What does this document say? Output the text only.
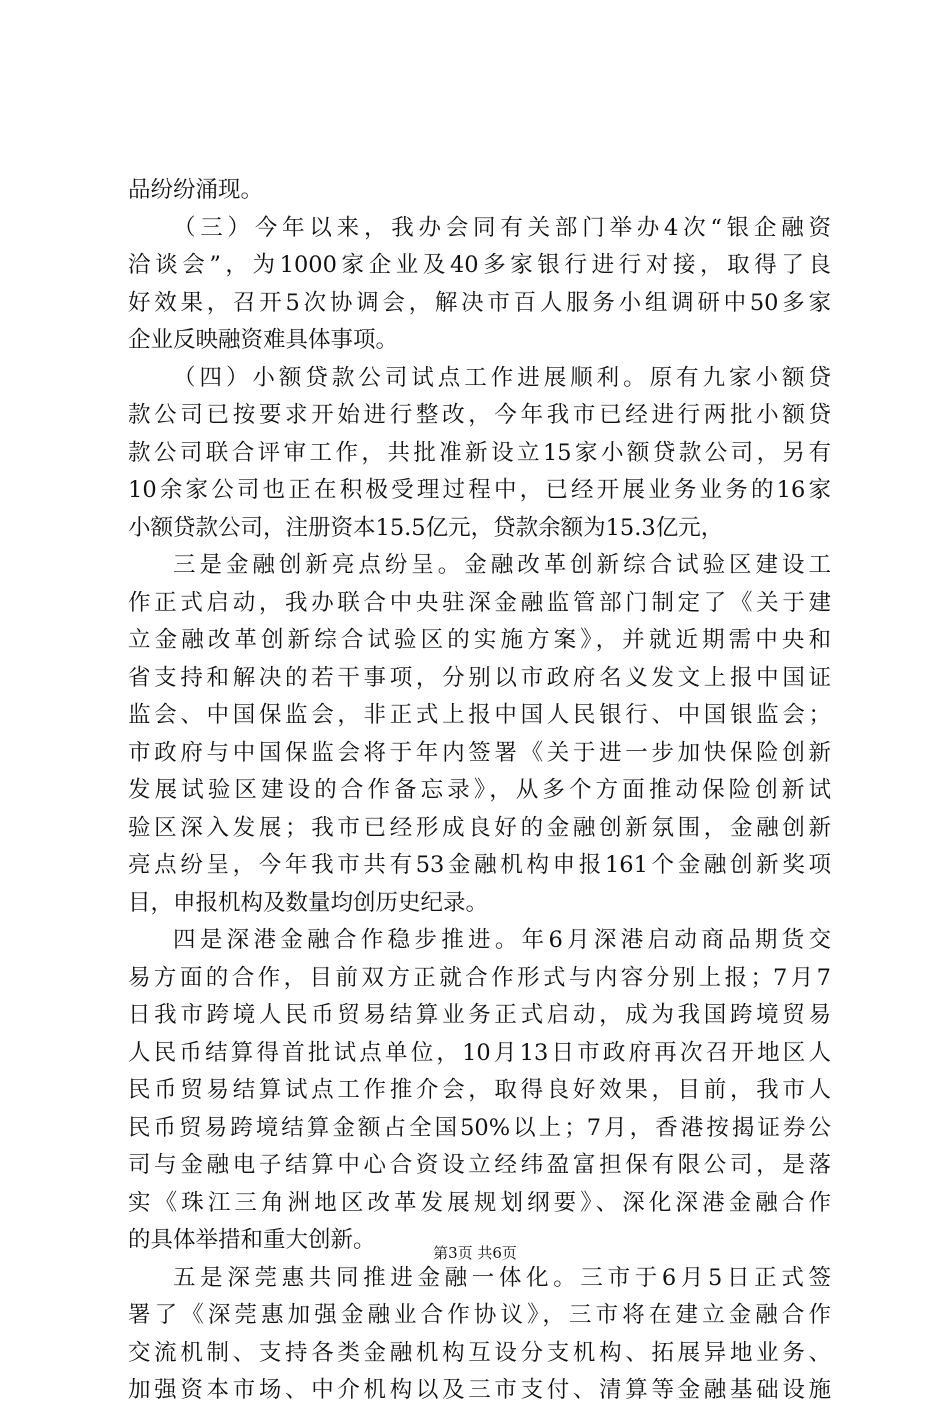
品纷纷涌现。
（三）今年以来，我办会同有关部门举办4次“银企融资
洽谈会”，为1000家企业及40多家银行进行对接，取得了良
好效果，召开5次协调会，解决市百人服务小组调研中50多家
企业反映融资难具体事项。
（四）小额贷款公司试点工作进展顺利。原有九家小额贷
款公司已按要求开始进行整改，今年我市已经进行两批小额贷
款公司联合评审工作，共批准新设立15家小额贷款公司，另有
10余家公司也正在积极受理过程中，已经开展业务业务的16家
小额贷款公司，注册资本15.5亿元，贷款余额为15.3亿元，
三是金融创新亮点纷呈。金融改革创新综合试验区建设工
作正式启动，我办联合中央驻深金融监管部门制定了《关于建
立金融改革创新综合试验区的实施方案》，并就近期需中央和
省支持和解决的若干事项，分别以市政府名义发文上报中国证
监会、中国保监会，非正式上报中国人民银行、中国银监会；
市政府与中国保监会将于年内签署《关于进一步加快保险创新
发展试验区建设的合作备忘录》，从多个方面推动保险创新试
验区深入发展；我市已经形成良好的金融创新氛围，金融创新
亮点纷呈，今年我市共有53金融机构申报161个金融创新奖项
目，申报机构及数量均创历史纪录。
四是深港金融合作稳步推进。年6月深港启动商品期货交
易方面的合作，目前双方正就合作形式与内容分别上报；7月7
日我市跨境人民币贸易结算业务正式启动，成为我国跨境贸易
人民币结算得首批试点单位，10月13日市政府再次召开地区人
民币贸易结算试点工作推介会，取得良好效果，目前，我市人
民币贸易跨境结算金额占全国50%以上；7月，香港按揭证券公
司与金融电子结算中心合资设立经纬盈富担保有限公司，是落
实《珠江三角洲地区改革发展规划纲要》、深化深港金融合作
的具体举措和重大创新。
五是深莞惠共同推进金融一体化。三市于6月5日正式签
署了《深莞惠加强金融业合作协议》，三市将在建立金融合作
交流机制、支持各类金融机构互设分支机构、拓展异地业务、
加强资本市场、中介机构以及三市支付、清算等金融基础设施
第3页 共6页
